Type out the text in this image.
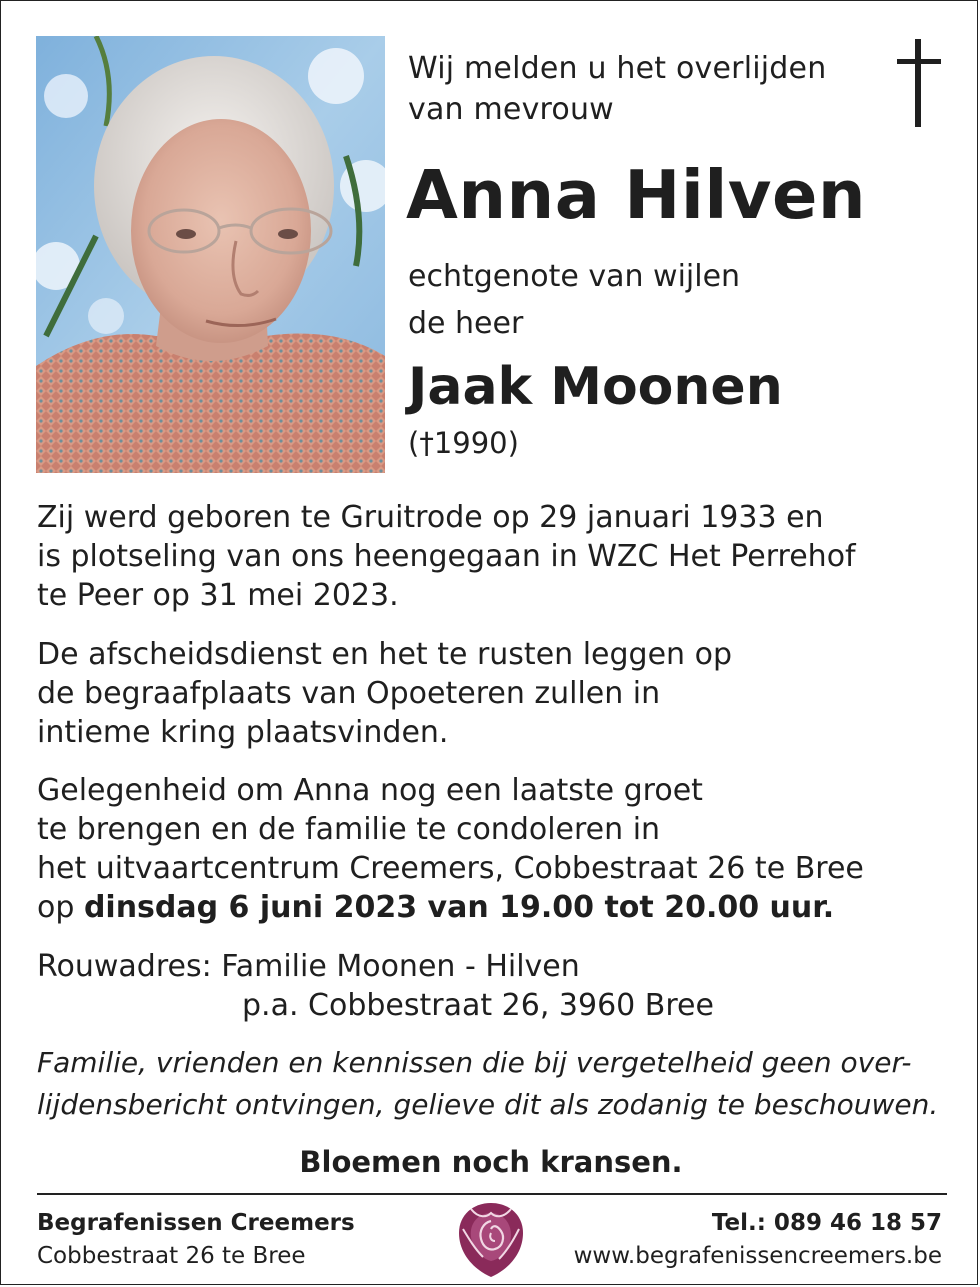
Wij melden u het overlijden
van mevrouw
Anna Hilven
echtgenote van wijlen
de heer
Jaak Moonen
(†1990)
Zij werd geboren te Gruitrode op 29 januari 1933 en
is plotseling van ons heengegaan in WZC Het Perrehof
te Peer op 31 mei 2023.
De afscheidsdienst en het te rusten leggen op
de begraafplaats van Opoeteren zullen in
intieme kring plaatsvinden.
Gelegenheid om Anna nog een laatste groet
te brengen en de familie te condoleren in
het uitvaartcentrum Creemers, Cobbestraat 26 te Bree
op dinsdag 6 juni 2023 van 19.00 tot 20.00 uur.
Rouwadres: Familie Moonen - Hilven
p.a. Cobbestraat 26, 3960 Bree
Familie, vrienden en kennissen die bij vergetelheid geen over-
lijdensbericht ontvingen, gelieve dit als zodanig te beschouwen.
Bloemen noch kransen.
Begrafenissen Creemers
Cobbestraat 26 te Bree
Tel.: 089 46 18 57
www.begrafenissencreemers.be
